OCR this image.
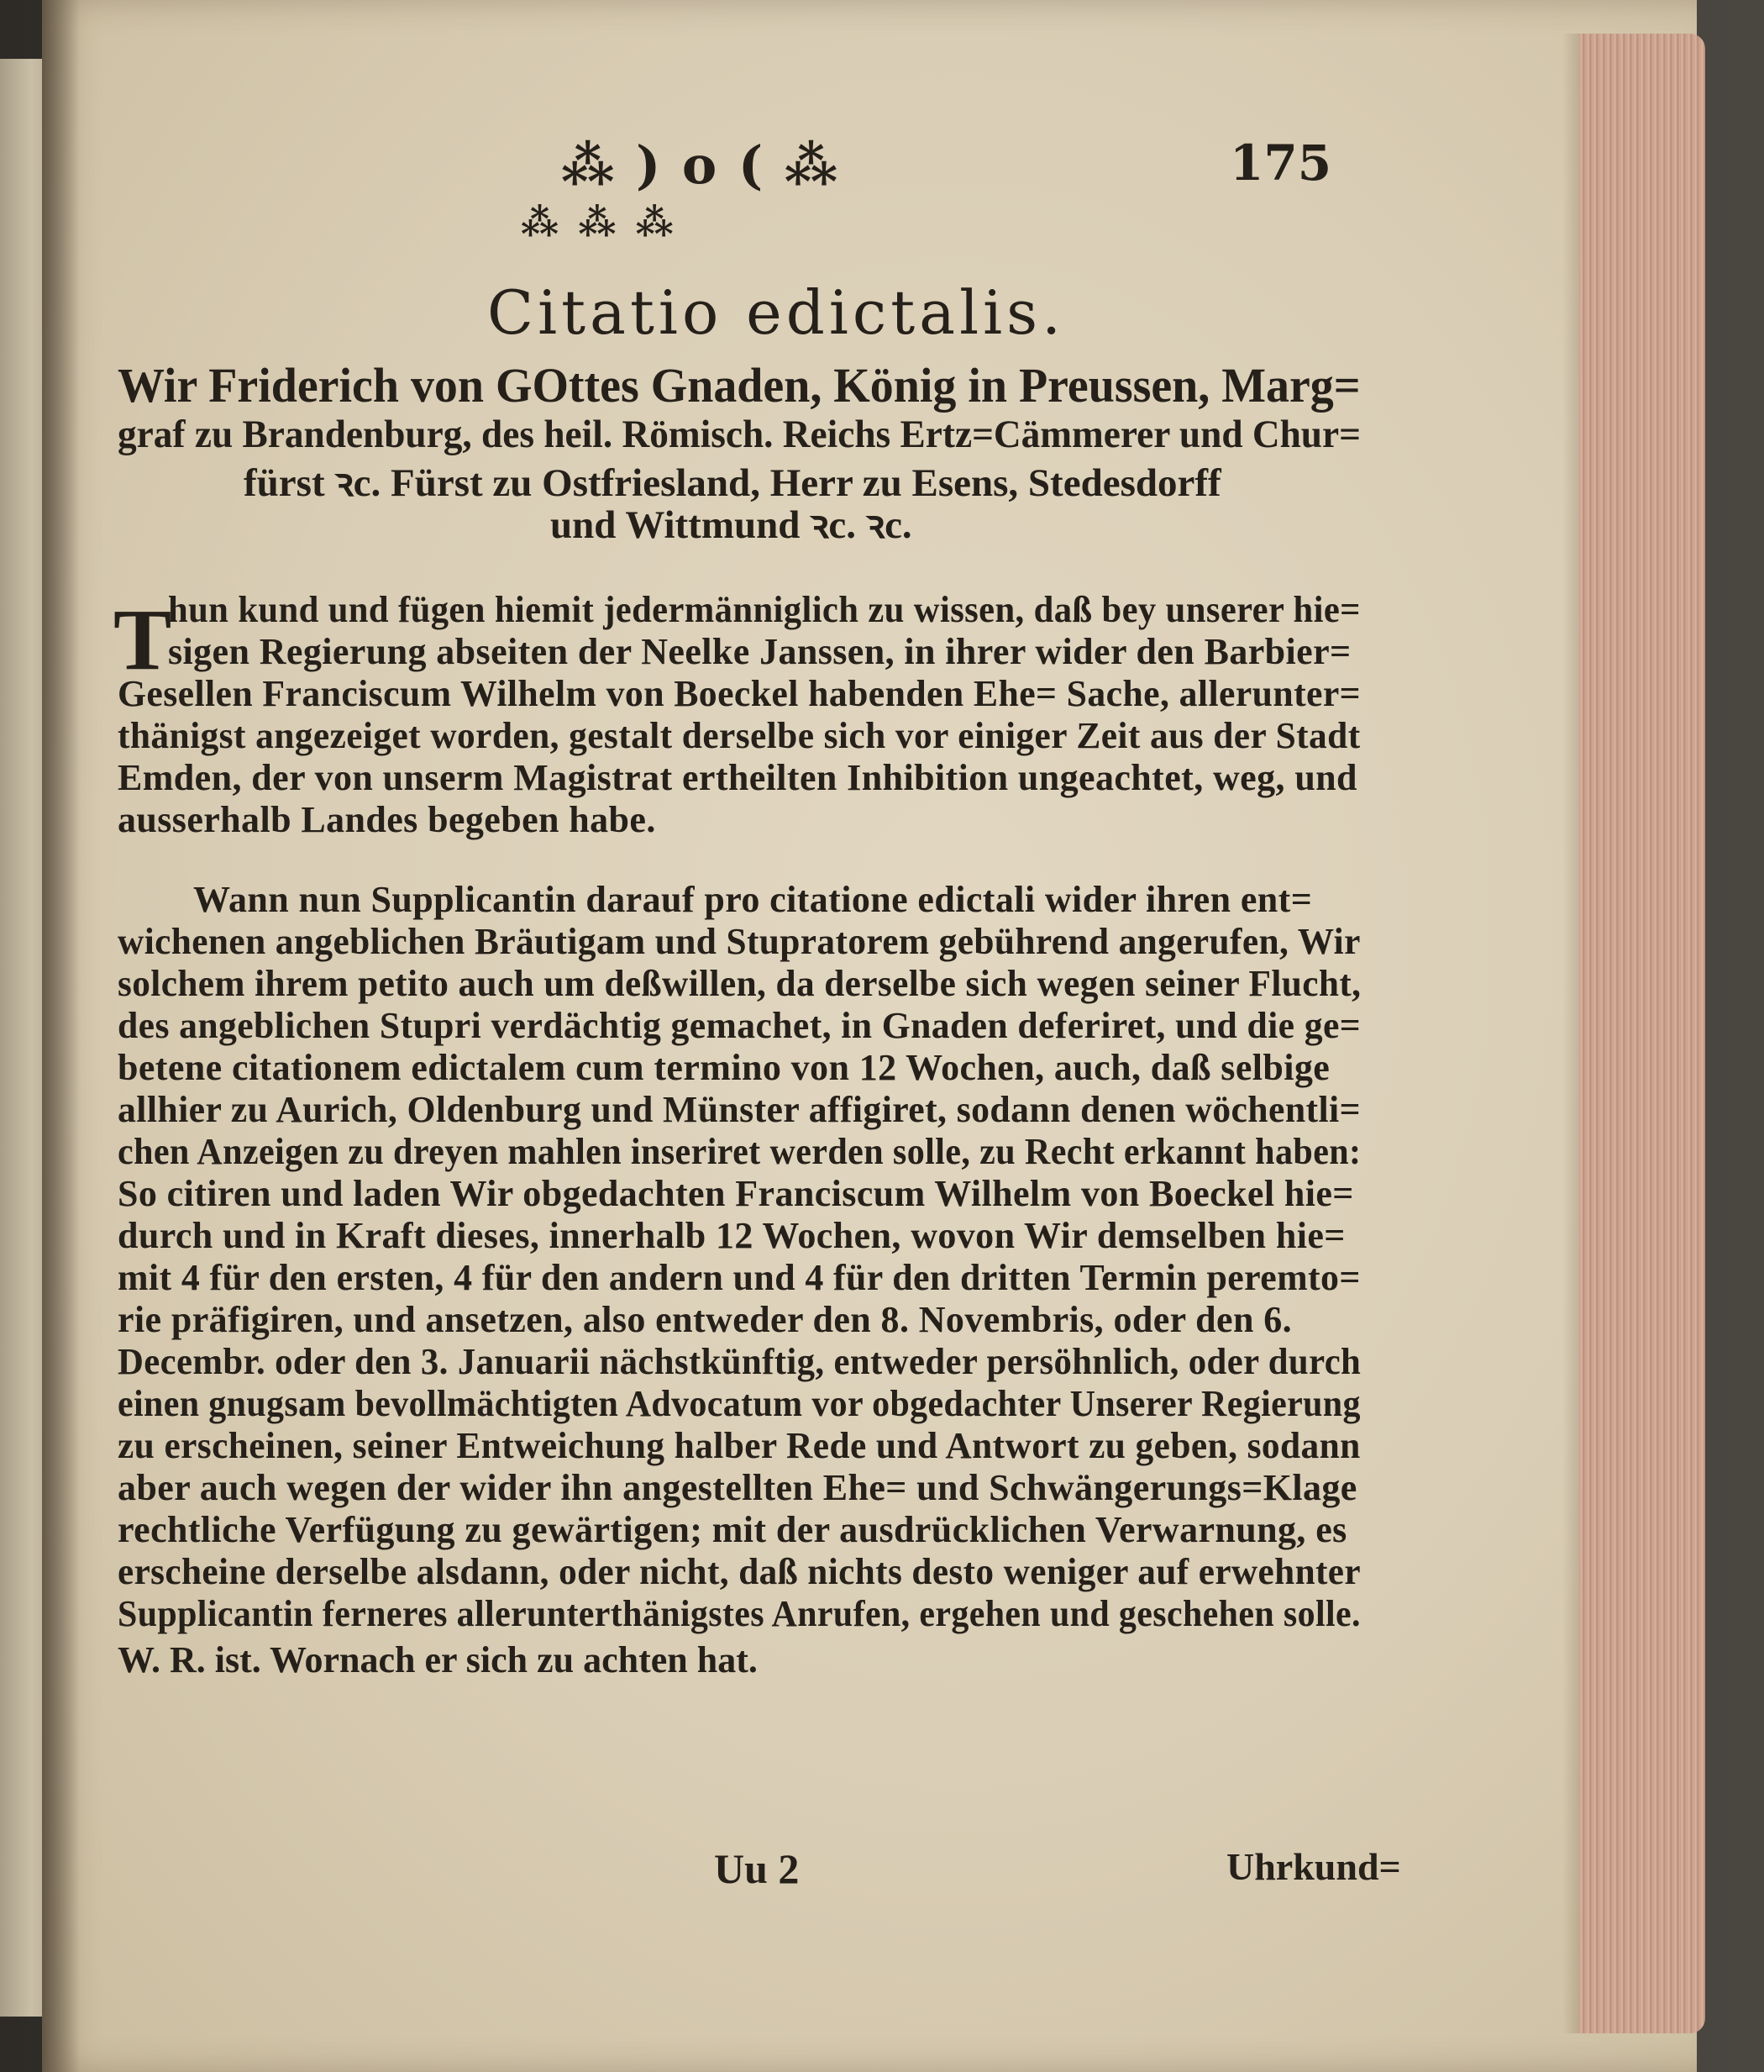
⁂ ) o ( ⁂	175
⁂ ⁂ ⁂
Citatio edictalis.
Wir Friderich von GOttes Gnaden, König in Preussen, Marg=
graf zu Brandenburg, des heil. Römisch. Reichs Ertz=Cämmerer und Chur=
fürst ꝛc. Fürst zu Ostfriesland, Herr zu Esens, Stedesdorff
und Wittmund ꝛc. ꝛc.
T
hun kund und fügen hiemit jedermänniglich zu wissen, daß bey unserer hie=
sigen Regierung abseiten der Neelke Janssen, in ihrer wider den Barbier=
Gesellen Franciscum Wilhelm von Boeckel habenden Ehe= Sache, allerunter=
thänigst angezeiget worden, gestalt derselbe sich vor einiger Zeit aus der Stadt
Emden, der von unserm Magistrat ertheilten Inhibition ungeachtet, weg, und
ausserhalb Landes begeben habe.
Wann nun Supplicantin darauf pro citatione edictali wider ihren ent=
wichenen angeblichen Bräutigam und Stupratorem gebührend angerufen, Wir
solchem ihrem petito auch um deßwillen, da derselbe sich wegen seiner Flucht,
des angeblichen Stupri verdächtig gemachet, in Gnaden deferiret, und die ge=
betene citationem edictalem cum termino von 12 Wochen, auch, daß selbige
allhier zu Aurich, Oldenburg und Münster affigiret, sodann denen wöchentli=
chen Anzeigen zu dreyen mahlen inseriret werden solle, zu Recht erkannt haben:
So citiren und laden Wir obgedachten Franciscum Wilhelm von Boeckel hie=
durch und in Kraft dieses, innerhalb 12 Wochen, wovon Wir demselben hie=
mit 4 für den ersten, 4 für den andern und 4 für den dritten Termin peremto=
rie präfigiren, und ansetzen, also entweder den 8. Novembris, oder den 6.
Decembr. oder den 3. Januarii nächstkünftig, entweder persöhnlich, oder durch
einen gnugsam bevollmächtigten Advocatum vor obgedachter Unserer Regierung
zu erscheinen, seiner Entweichung halber Rede und Antwort zu geben, sodann
aber auch wegen der wider ihn angestellten Ehe= und Schwängerungs=Klage
rechtliche Verfügung zu gewärtigen; mit der ausdrücklichen Verwarnung, es
erscheine derselbe alsdann, oder nicht, daß nichts desto weniger auf erwehnter
Supplicantin ferneres allerunterthänigstes Anrufen, ergehen und geschehen solle.
W. R. ist. Wornach er sich zu achten hat.
Uu 2	Uhrkund=
